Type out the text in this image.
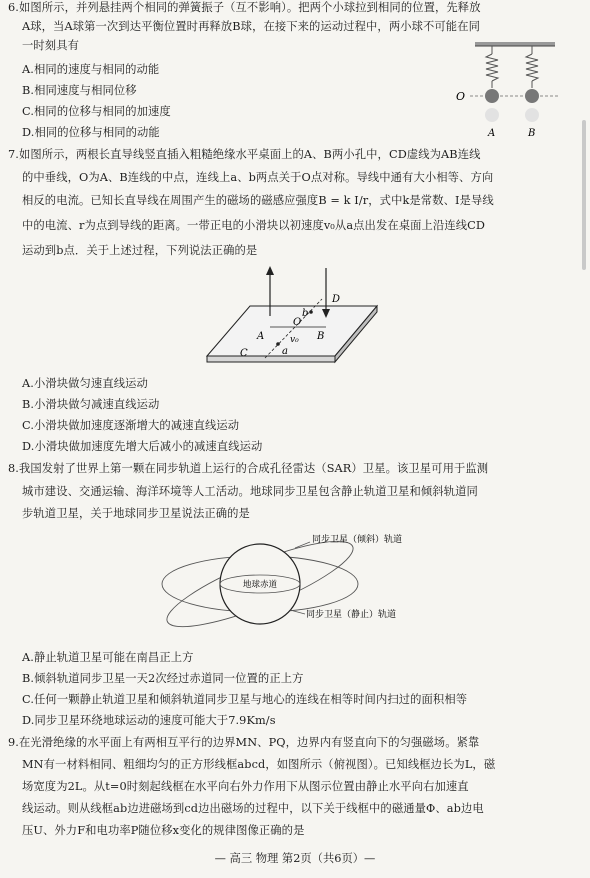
6.如图所示，并列悬挂两个相同的弹簧振子（互不影响）。把两个小球拉到相同的位置，先释放
A球，当A球第一次到达平衡位置时再释放B球，在接下来的运动过程中，两小球不可能在同
一时刻具有
A.相同的速度与相同的动能
B.相同速度与相同位移
C.相同的位移与相同的加速度
D.相同的位移与相同的动能
O
A	B
7.如图所示，两根长直导线竖直插入粗糙绝缘水平桌面上的A、B两小孔中，CD虚线为AB连线
的中垂线，O为A、B连线的中点，连线上a、b两点关于O点对称。导线中通有大小相等、方向
相反的电流。已知长直导线在周围产生的磁场的磁感应强度B = k I/r，式中k是常数、I是导线
中的电流、r为点到导线的距离。一带正电的小滑块以初速度v₀从a点出发在桌面上沿连线CD
运动到b点．关于上述过程，下列说法正确的是
D
b
A
O
B
C	a
v₀
A.小滑块做匀速直线运动
B.小滑块做匀减速直线运动
C.小滑块做加速度逐渐增大的减速直线运动
D.小滑块做加速度先增大后减小的减速直线运动
8.我国发射了世界上第一颗在同步轨道上运行的合成孔径雷达（SAR）卫星。该卫星可用于监测
城市建设、交通运输、海洋环境等人工活动。地球同步卫星包含静止轨道卫星和倾斜轨道同
步轨道卫星，关于地球同步卫星说法正确的是
地球赤道
同步卫星（倾斜）轨道
同步卫星（静止）轨道
A.静止轨道卫星可能在南昌正上方
B.倾斜轨道同步卫星一天2次经过赤道同一位置的正上方
C.任何一颗静止轨道卫星和倾斜轨道同步卫星与地心的连线在相等时间内扫过的面积相等
D.同步卫星环绕地球运动的速度可能大于7.9Km/s
9.在光滑绝缘的水平面上有两相互平行的边界MN、PQ，边界内有竖直向下的匀强磁场。紧靠
MN有一材料相同、粗细均匀的正方形线框abcd，如图所示（俯视图）。已知线框边长为L，磁
场宽度为2L。从t=0时刻起线框在水平向右外力作用下从图示位置由静止水平向右加速直
线运动。则从线框ab边进磁场到cd边出磁场的过程中，以下关于线框中的磁通量Φ、ab边电
压U、外力F和电功率P随位移x变化的规律图像正确的是
— 高三 物理 第2页（共6页）—
